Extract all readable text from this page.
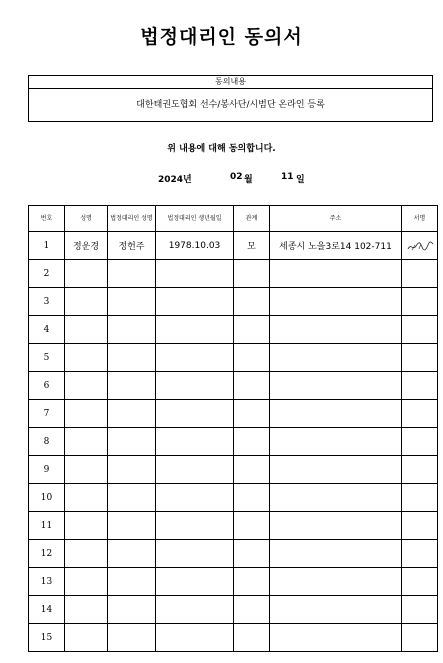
법정대리인 동의서
동의내용
대한태권도협회 선수/봉사단/시범단 온라인 등록
위 내용에 대해 동의합니다.
2024년	02 월	11 일
번호	성명	법정대리인 성명	법정대리인 생년월일	관계	주소	서명
1	정운경	정헌주	1978.10.03	모	세종시 노을3로14 102-711	

2						
3						
4						
5						
6						
7						
8						
9						
10						
11						
12						
13						
14						
15						
